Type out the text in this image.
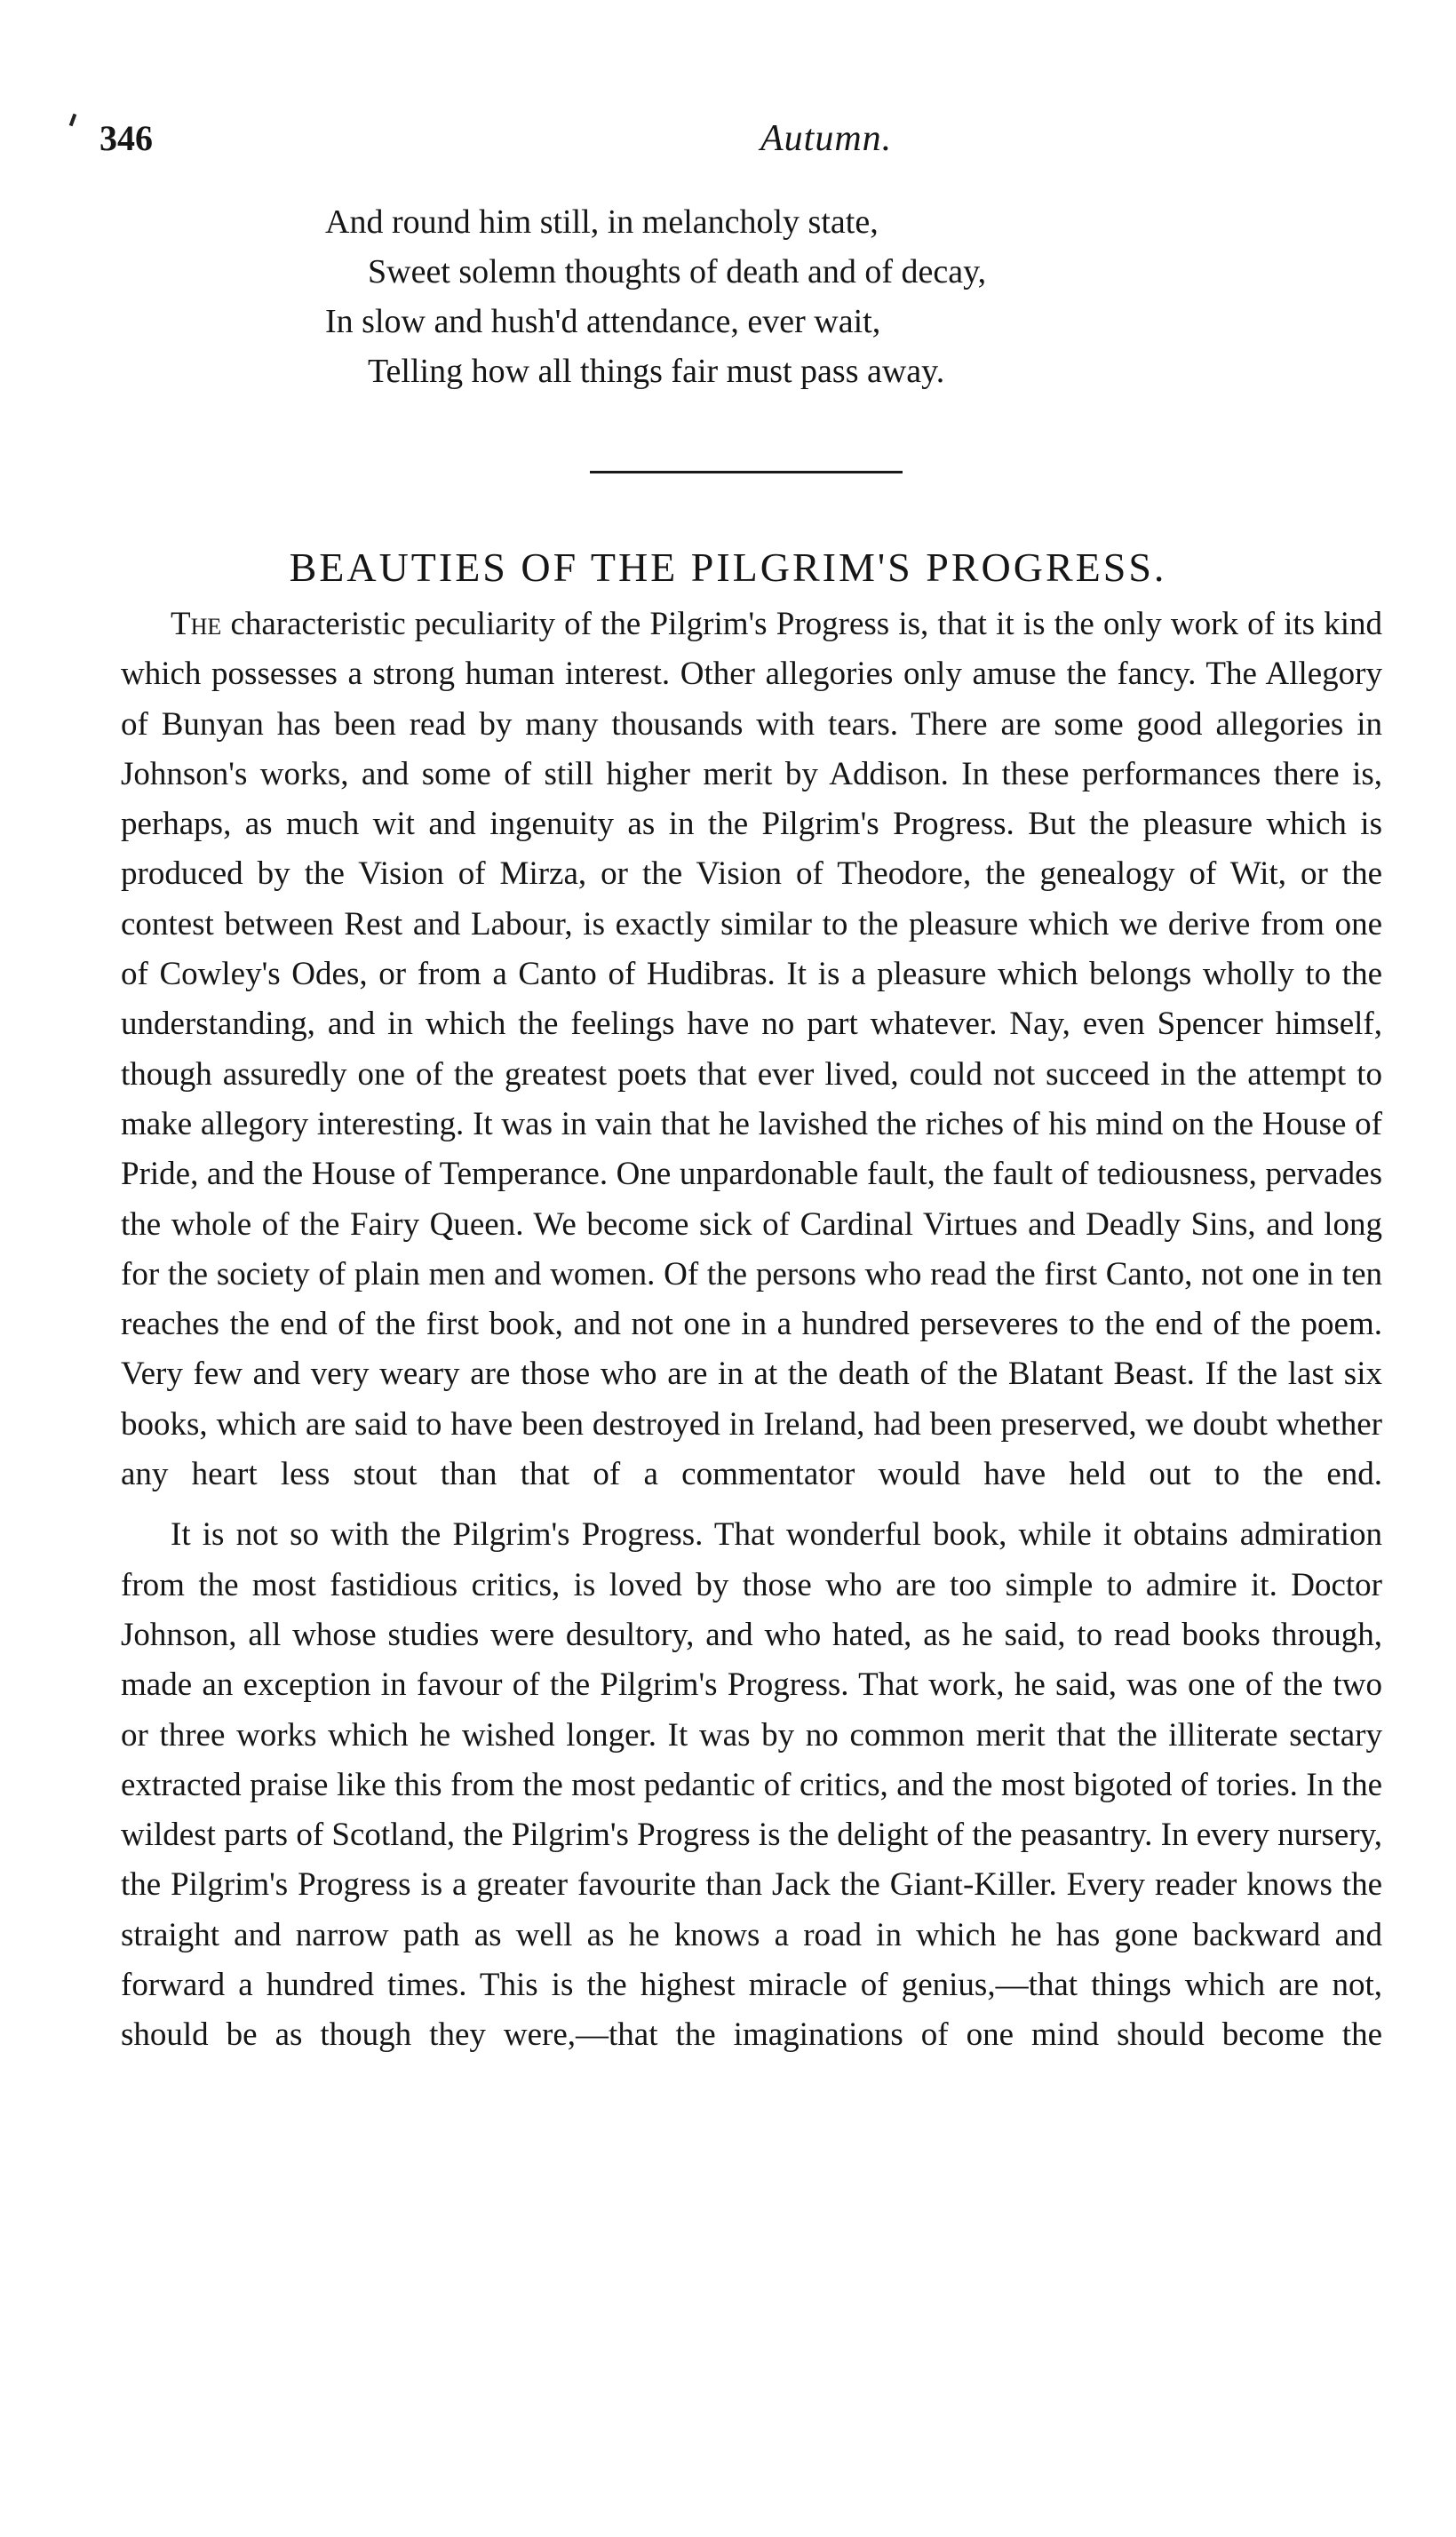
346	Autumn.
And round him still, in melancholy state,
Sweet solemn thoughts of death and of decay,
In slow and hush'd attendance, ever wait,
Telling how all things fair must pass away.
BEAUTIES OF THE PILGRIM'S PROGRESS.

The characteristic peculiarity of the Pilgrim's Progress is, that it is the only work of its kind which possesses a strong human interest. Other allegories only amuse the fancy. The Allegory of Bunyan has been read by many thousands with tears. There are some good allegories in Johnson's works, and some of still higher merit by Addison. In these performances there is, perhaps, as much wit and ingenuity as in the Pilgrim's Progress. But the pleasure which is produced by the Vision of Mirza, or the Vision of Theodore, the genealogy of Wit, or the contest between Rest and Labour, is exactly similar to the pleasure which we derive from one of Cowley's Odes, or from a Canto of Hudibras. It is a pleasure which belongs wholly to the understanding, and in which the feelings have no part whatever. Nay, even Spencer himself, though assuredly one of the greatest poets that ever lived, could not succeed in the attempt to make allegory interesting. It was in vain that he lavished the riches of his mind on the House of Pride, and the House of Temperance. One unpardonable fault, the fault of tediousness, pervades the whole of the Fairy Queen. We become sick of Cardinal Virtues and Deadly Sins, and long for the society of plain men and women. Of the persons who read the first Canto, not one in ten reaches the end of the first book, and not one in a hundred perseveres to the end of the poem. Very few and very weary are those who are in at the death of the Blatant Beast. If the last six books, which are said to have been destroyed in Ireland, had been preserved, we doubt whether any heart less stout than that of a commentator would have held out to the end.

It is not so with the Pilgrim's Progress. That wonderful book, while it obtains admiration from the most fastidious critics, is loved by those who are too simple to admire it. Doctor Johnson, all whose studies were desultory, and who hated, as he said, to read books through, made an exception in favour of the Pilgrim's Progress. That work, he said, was one of the two or three works which he wished longer. It was by no common merit that the illiterate sectary extracted praise like this from the most pedantic of critics, and the most bigoted of tories. In the wildest parts of Scotland, the Pilgrim's Progress is the delight of the peasantry. In every nursery, the Pilgrim's Progress is a greater favourite than Jack the Giant-Killer. Every reader knows the straight and narrow path as well as he knows a road in which he has gone backward and forward a hundred times. This is the highest miracle of genius,—that things which are not, should be as though they were,—that the imaginations of one mind should become the
